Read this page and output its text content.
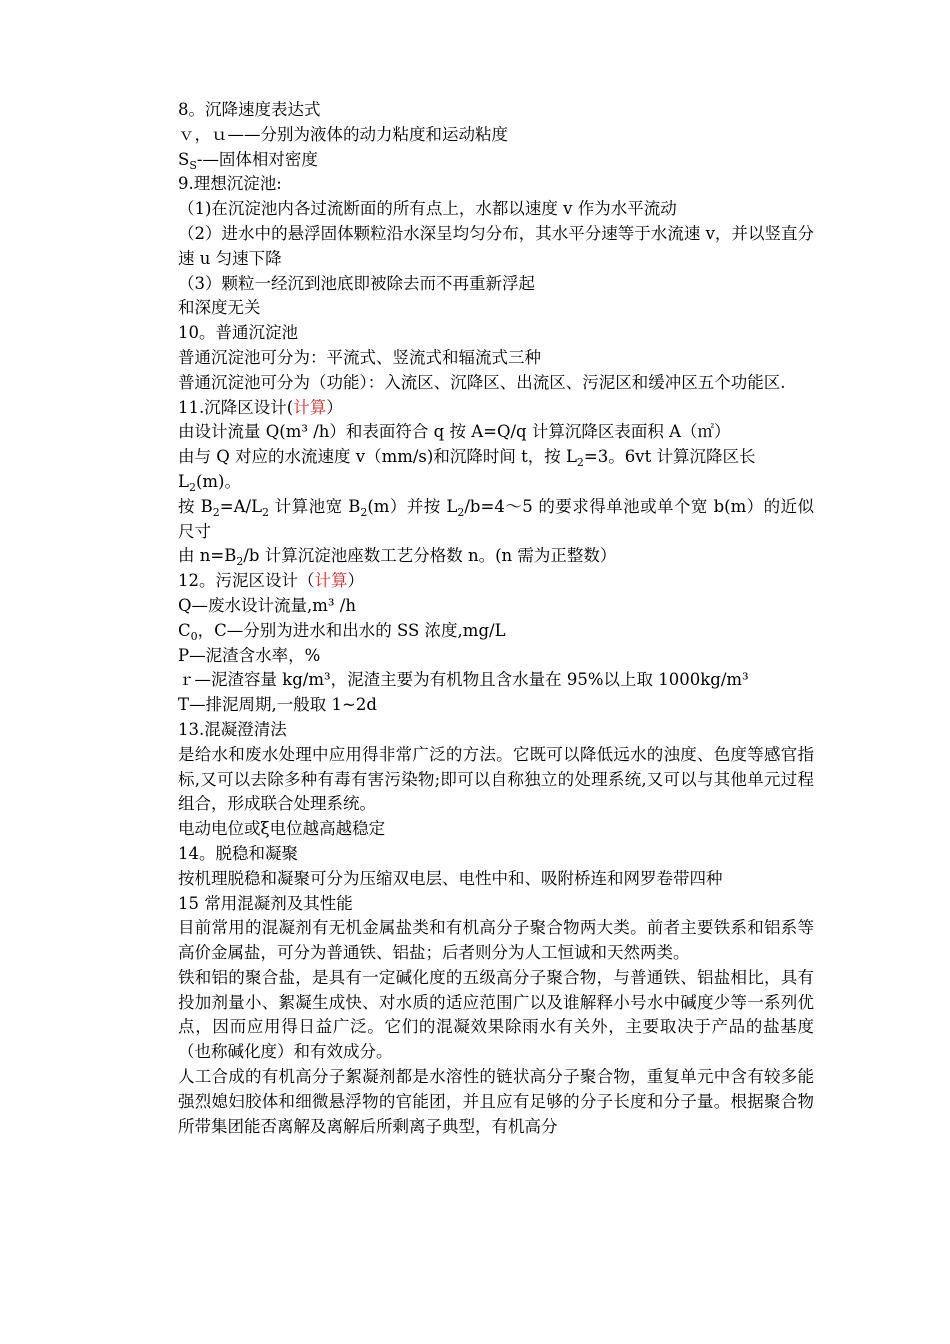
8。沉降速度表达式
ｖ，ｕ——分别为液体的动力粘度和运动粘度
$S_S-—$固体相对密度
9.理想沉淀池:
（1)在沉淀池内各过流断面的所有点上，水都以速度 v 作为水平流动
（2）进水中的悬浮固体颗粒沿水深呈均匀分布，其水平分速等于水流速 v，并以竖直分速 u 匀速下降
（3）颗粒一经沉到池底即被除去而不再重新浮起
和深度无关
10。普通沉淀池
普通沉淀池可分为：平流式、竖流式和辐流式三种
普通沉淀池可分为（功能）：入流区、沉降区、出流区、污泥区和缓冲区五个功能区.
11.沉降区设计(计算）
由设计流量 Q(m³ /h）和表面符合 q 按 A=Q/q 计算沉降区表面积 A（㎡）
由与 Q 对应的水流速度 v（mm/s)和沉降时间 t，按 $L_2=3$。6vt 计算沉降区长
$L_2(m)$。
按 $B_2=A/L_2$ 计算池宽 $B_2(m)$并按 $L_2/b=4\sim 5$ 的要求得单池或单个宽 b(m）的近似尺寸
由 $n=B_2/b$ 计算沉淀池座数工艺分格数 n。(n 需为正整数）
12。污泥区设计（计算）
Q—废水设计流量,m³ /h
$C_0$，C—分别为进水和出水的 SS 浓度,mg/L
P—泥渣含水率，%
ｒ—泥渣容量 kg/m³，泥渣主要为有机物且含水量在 95%以上取 1000kg/m³
T—排泥周期,一般取 1~2d
13.混凝澄清法
是给水和废水处理中应用得非常广泛的方法。它既可以降低远水的浊度、色度等感官指标,又可以去除多种有毒有害污染物;即可以自称独立的处理系统,又可以与其他单元过程组合，形成联合处理系统。
电动电位或ξ电位越高越稳定
14。脱稳和凝聚
按机理脱稳和凝聚可分为压缩双电层、电性中和、吸附桥连和网罗卷带四种
15 常用混凝剂及其性能
目前常用的混凝剂有无机金属盐类和有机高分子聚合物两大类。前者主要铁系和铝系等高价金属盐，可分为普通铁、铝盐；后者则分为人工恒诚和天然两类。
铁和铝的聚合盐，是具有一定碱化度的五级高分子聚合物，与普通铁、铝盐相比，具有投加剂量小、絮凝生成快、对水质的适应范围广以及谁解释小号水中碱度少等一系列优点，因而应用得日益广泛。它们的混凝效果除雨水有关外，主要取决于产品的盐基度（也称碱化度）和有效成分。
人工合成的有机高分子絮凝剂都是水溶性的链状高分子聚合物，重复单元中含有较多能强烈媳妇胶体和细微悬浮物的官能团，并且应有足够的分子长度和分子量。根据聚合物所带集团能否离解及离解后所剩离子典型，有机高分
